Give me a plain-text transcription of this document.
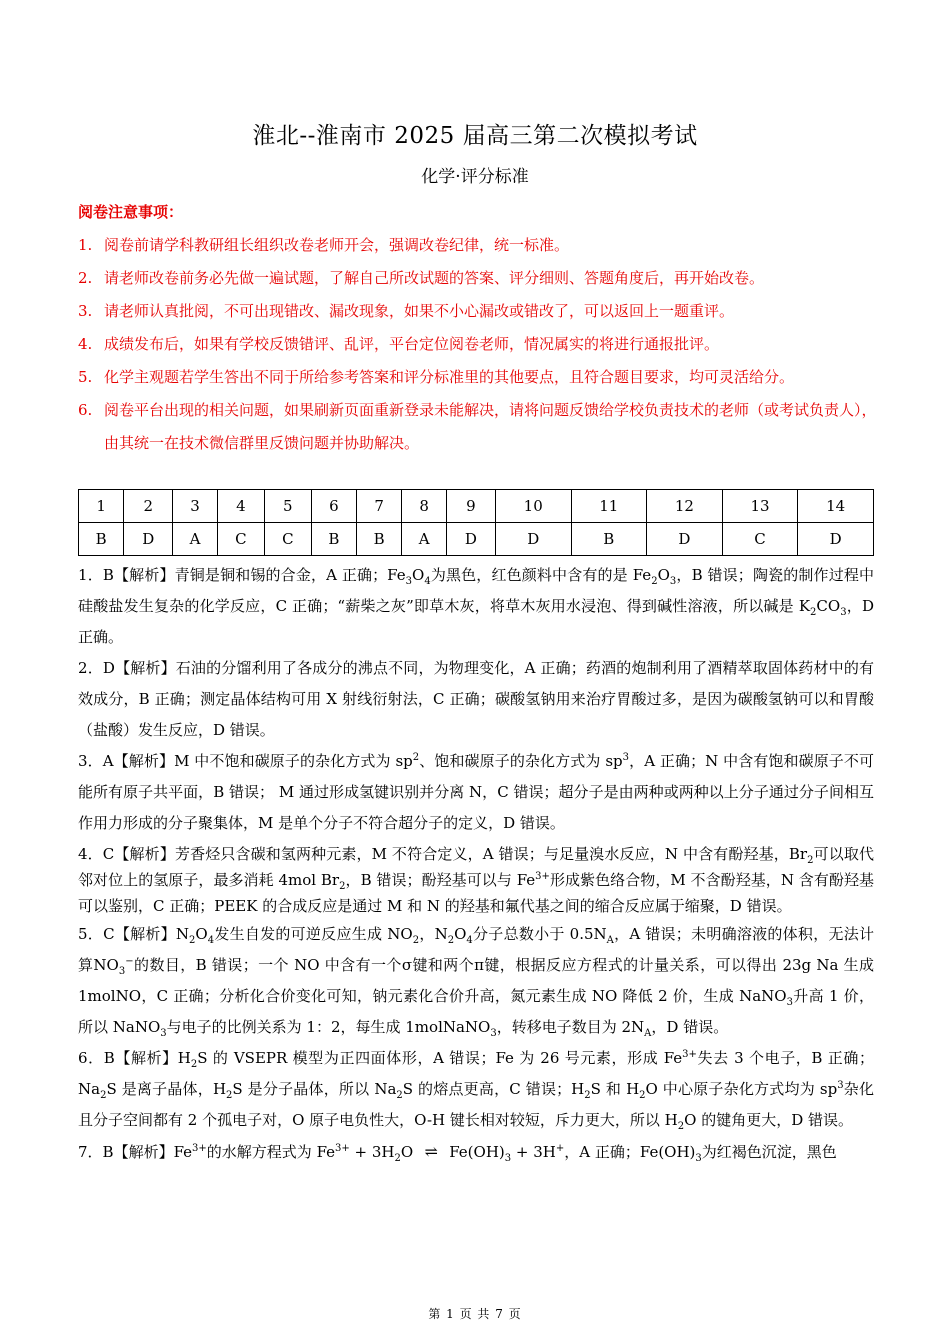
淮北--淮南市 2025 届高三第二次模拟考试
化学·评分标准
阅卷注意事项：
1. 阅卷前请学科教研组长组织改卷老师开会，强调改卷纪律，统一标准。
2. 请老师改卷前务必先做一遍试题，了解自己所改试题的答案、评分细则、答题角度后，再开始改卷。
3. 请老师认真批阅，不可出现错改、漏改现象，如果不小心漏改或错改了，可以返回上一题重评。
4. 成绩发布后，如果有学校反馈错评、乱评，平台定位阅卷老师，情况属实的将进行通报批评。
5. 化学主观题若学生答出不同于所给参考答案和评分标准里的其他要点，且符合题目要求，均可灵活给分。
6. 阅卷平台出现的相关问题，如果刷新页面重新登录未能解决，请将问题反馈给学校负责技术的老师（或考试负责人），由其统一在技术微信群里反馈问题并协助解决。
1	2	3	4	5	6	7	8	9	10	11	12	13	14
B	D	A	C	C	B	B	A	D	D	B	D	C	D

1．B【解析】青铜是铜和锡的合金，A 正确；$Fe_3O_4$为黑色，红色颜料中含有的是 $Fe_2O_3$，B 错误；陶瓷的制作过程中硅酸盐发生复杂的化学反应，C 正确；“薪柴之灰”即草木灰，将草木灰用水浸泡、得到碱性溶液，所以碱是 $K_2CO_3$，D 正确。

2．D【解析】石油的分馏利用了各成分的沸点不同，为物理变化，A 正确；药酒的炮制利用了酒精萃取固体药材中的有效成分，B 正确；测定晶体结构可用 X 射线衍射法，C 正确；碳酸氢钠用来治疗胃酸过多，是因为碳酸氢钠可以和胃酸（盐酸）发生反应，D 错误。

3．A【解析】M 中不饱和碳原子的杂化方式为 $sp^2$、饱和碳原子的杂化方式为 $sp^3$，A 正确；N 中含有饱和碳原子不可能所有原子共平面，B 错误； M 通过形成氢键识别并分离 N，C 错误；超分子是由两种或两种以上分子通过分子间相互作用力形成的分子聚集体，M 是单个分子不符合超分子的定义，D 错误。

4．C【解析】芳香烃只含碳和氢两种元素，M 不符合定义，A 错误；与足量溴水反应，N 中含有酚羟基，$Br_2$可以取代邻对位上的氢原子，最多消耗 4mol $Br_2$，B 错误；酚羟基可以与 $Fe^{3+}$形成紫色络合物，M 不含酚羟基，N 含有酚羟基可以鉴别，C 正确；PEEK 的合成反应是通过 M 和 N 的羟基和氟代基之间的缩合反应属于缩聚，D 错误。

5．C【解析】$N_2O_4$发生自发的可逆反应生成 $NO_2$，$N_2O_4$分子总数小于 $0.5N_A$，A 错误；未明确溶液的体积，无法计算$NO_3^-$的数目，B 错误；一个 NO 中含有一个σ键和两个π键，根据反应方程式的计量关系，可以得出 23g Na 生成 1molNO，C 正确；分析化合价变化可知，钠元素化合价升高，氮元素生成 NO 降低 2 价，生成 NaNO$_3$升高 1 价，所以 NaNO$_3$与电子的比例关系为 1：2，每生成 1molNaNO$_3$，转移电子数目为 $2N_A$，D 错误。

6．B【解析】$H_2S$ 的 VSEPR 模型为正四面体形，A 错误；Fe 为 26 号元素，形成 $Fe^{3+}$失去 3 个电子，B 正确；$Na_2S$ 是离子晶体，$H_2S$ 是分子晶体，所以 $Na_2S$ 的熔点更高，C 错误；$H_2S$ 和 $H_2O$ 中心原子杂化方式均为 $sp^3$杂化且分子空间都有 2 个孤电子对，O 原子电负性大，O-H 键长相对较短，斥力更大，所以 $H_2O$ 的键角更大，D 错误。

7．B【解析】$Fe^{3+}$的水解方程式为 $Fe^{3+} + 3H_2O$ ⇌ $Fe(OH)_3 + 3H^+$，A 正确；$Fe(OH)_3$为红褐色沉淀，黑色

第 1 页 共 7 页
